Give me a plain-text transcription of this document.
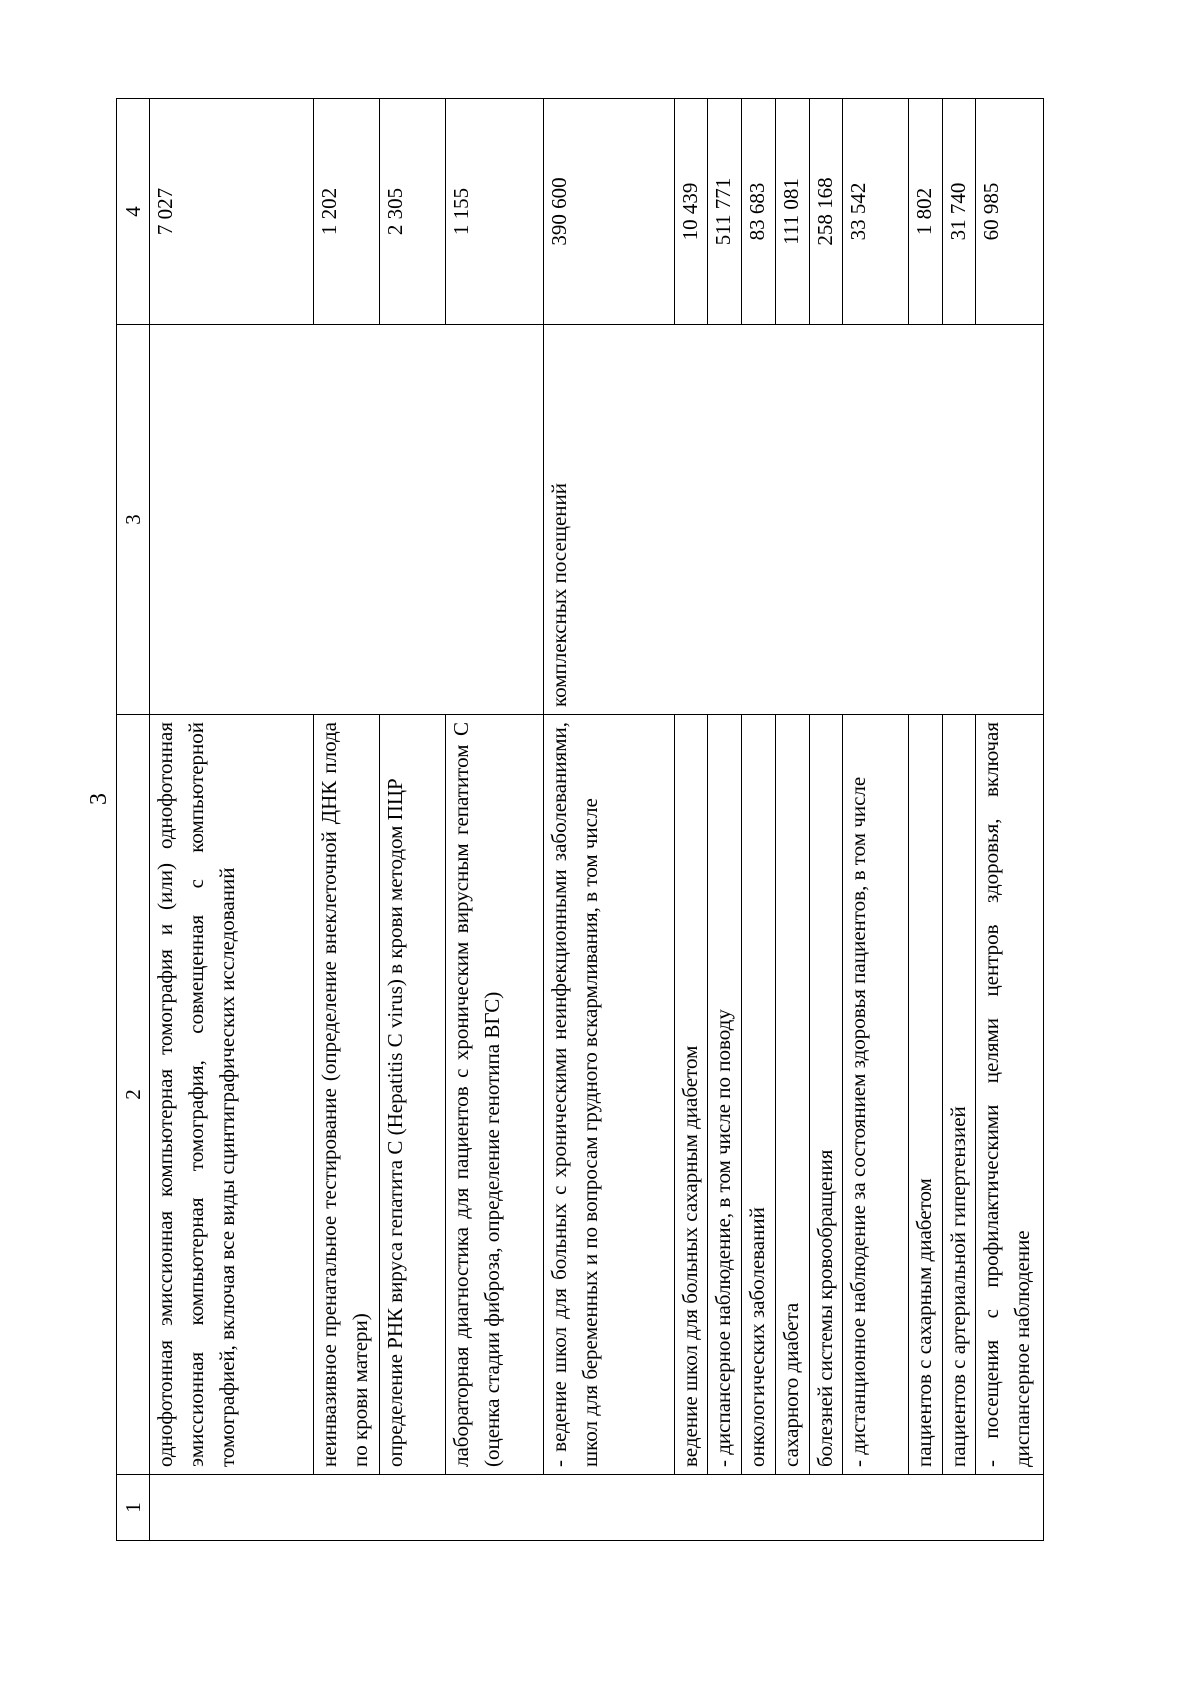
3
1	2	3	4
	однофотонная эмиссионная компьютерная томография и (или) однофотонная эмиссионная компьютерная томография, совмещенная с компьютерной томографией, включая все виды сцинтиграфических исследований		7 027
	неинвазивное пренатальное тестирование (определение внеклеточной ДНК плода по крови матери)		1 202
	определение РНК вируса гепатита С (Hepatitis C virus) в крови методом ПЦР		2 305
	лабораторная диагностика для пациентов с хроническим вирусным гепатитом С (оценка стадии фиброза, определение генотипа ВГС)		1 155
	- ведение школ для больных с хроническими неинфекционными заболеваниями, школ для беременных и по вопросам грудного вскармливания, в том числе	комплексных посещений	390 600
	ведение школ для больных сахарным диабетом		10 439
	- диспансерное наблюдение, в том числе по поводу		511 771
	онкологических заболеваний		83 683
	сахарного диабета		111 081
	болезней системы кровообращения		258 168
	- дистанционное наблюдение за состоянием здоровья пациентов, в том числе		33 542
	пациентов с сахарным диабетом		1 802
	пациентов с артериальной гипертензией		31 740
	- посещения с профилактическими целями центров здоровья, включая диспансерное наблюдение		60 985
